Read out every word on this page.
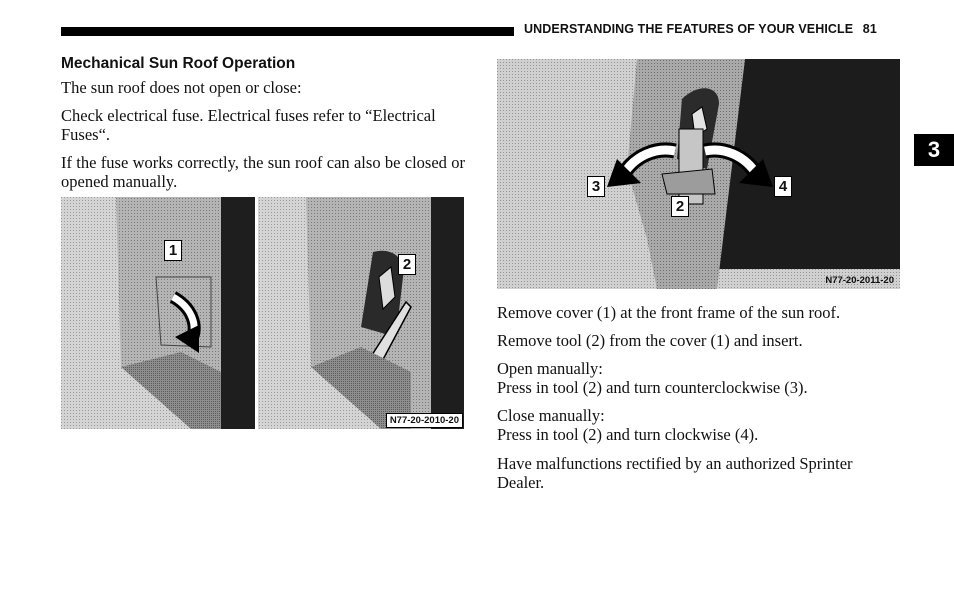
UNDERSTANDING THE FEATURES OF YOUR VEHICLE 81
3
Mechanical Sun Roof Operation

The sun roof does not open or close:

Check electrical fuse. Electrical fuses refer to “Electrical Fuses“.

If the fuse works correctly, the sun roof can also be closed or opened manually.

1
2
N77-20-2010-20
3
2
4
N77-20-2011-20

Remove cover (1) at the front frame of the sun roof.

Remove tool (2) from the cover (1) and insert.

Open manually:
Press in tool (2) and turn counterclockwise (3).
Close manually:
Press in tool (2) and turn clockwise (4).

Have malfunctions rectified by an authorized Sprinter Dealer.
